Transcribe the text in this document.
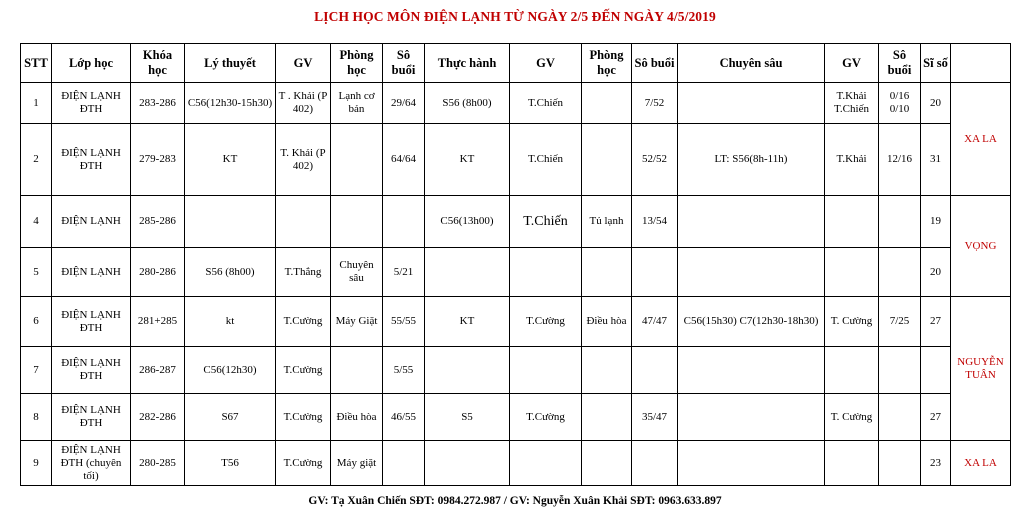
LỊCH HỌC MÔN ĐIỆN LẠNH TỪ NGÀY 2/5 ĐẾN NGÀY 4/5/2019
STT	Lớp học	Khóa học	Lý thuyết	GV	Phòng học	Sô buổi	Thực hành	GV	Phòng học	Sô buổi	Chuyên sâu	GV	Sô buổi	Sĩ số	
1	ĐIỆN LẠNH ĐTH	283-286	C56(12h30-15h30)	T . Khải (P 402)	Lạnh cơ bản	29/64	S56 (8h00)	T.Chiến		7/52		T.Khải T.Chiến	0/16 0/10	20	XA LA
2	ĐIỆN LẠNH ĐTH	279-283	KT	T. Khải (P 402)		64/64	KT	T.Chiến		52/52	LT: S56(8h-11h)	T.Khải	12/16	31	
4	ĐIỆN LẠNH	285-286					C56(13h00)	T.Chiến	Tủ lạnh	13/54				19	VỌNG
5	ĐIỆN LẠNH	280-286	S56 (8h00)	T.Thắng	Chuyên sâu	5/21								20	
6	ĐIỆN LẠNH ĐTH	281+285	kt	T.Cường	Máy Giặt	55/55	KT	T.Cường	Điều hòa	47/47	C56(15h30) C7(12h30-18h30)	T. Cường	7/25	27	NGUYỄN TUÂN
7	ĐIỆN LẠNH ĐTH	286-287	C56(12h30)	T.Cường		5/55									
8	ĐIỆN LẠNH ĐTH	282-286	S67	T.Cường	Điều hòa	46/55	S5	T.Cường		35/47		T. Cường		27	
9	ĐIỆN LẠNH ĐTH (chuyên tối)	280-285	T56	T.Cường	Máy giặt									23	XA LA
GV: Tạ Xuân Chiến SĐT: 0984.272.987 / GV: Nguyễn Xuân Khải SĐT: 0963.633.897
